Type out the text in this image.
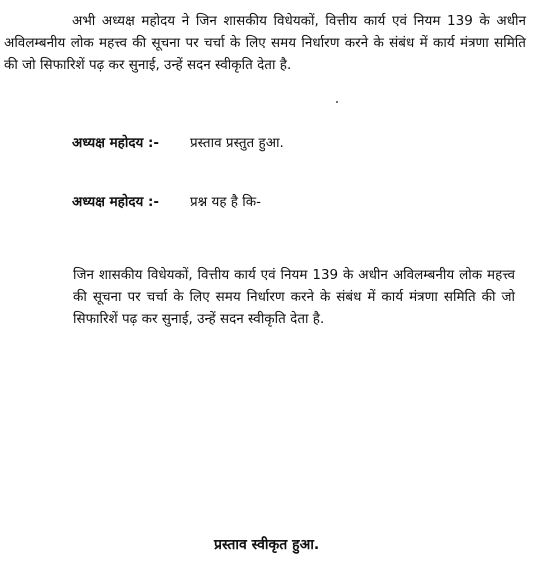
अभी अध्यक्ष महोदय ने जिन शासकीय विधेयकों, वित्तीय कार्य एवं नियम 139 के अधीन अविलम्बनीय लोक महत्त्व की सूचना पर चर्चा के लिए समय निर्धारण करने के संबंध में कार्य मंत्रणा समिति की जो सिफारिशें पढ़ कर सुनाई, उन्हें सदन स्वीकृति देता है.

अध्यक्ष महोदय :-	प्रस्ताव प्रस्तुत हुआ.
अध्यक्ष महोदय :-	प्रश्न यह है कि-

जिन शासकीय विधेयकों, वित्तीय कार्य एवं नियम 139 के अधीन अविलम्बनीय लोक महत्त्व की सूचना पर चर्चा के लिए समय निर्धारण करने के संबंध में कार्य मंत्रणा समिति की जो सिफारिशें पढ़ कर सुनाई, उन्हें सदन स्वीकृति देता है.

प्रस्ताव स्वीकृत हुआ.
